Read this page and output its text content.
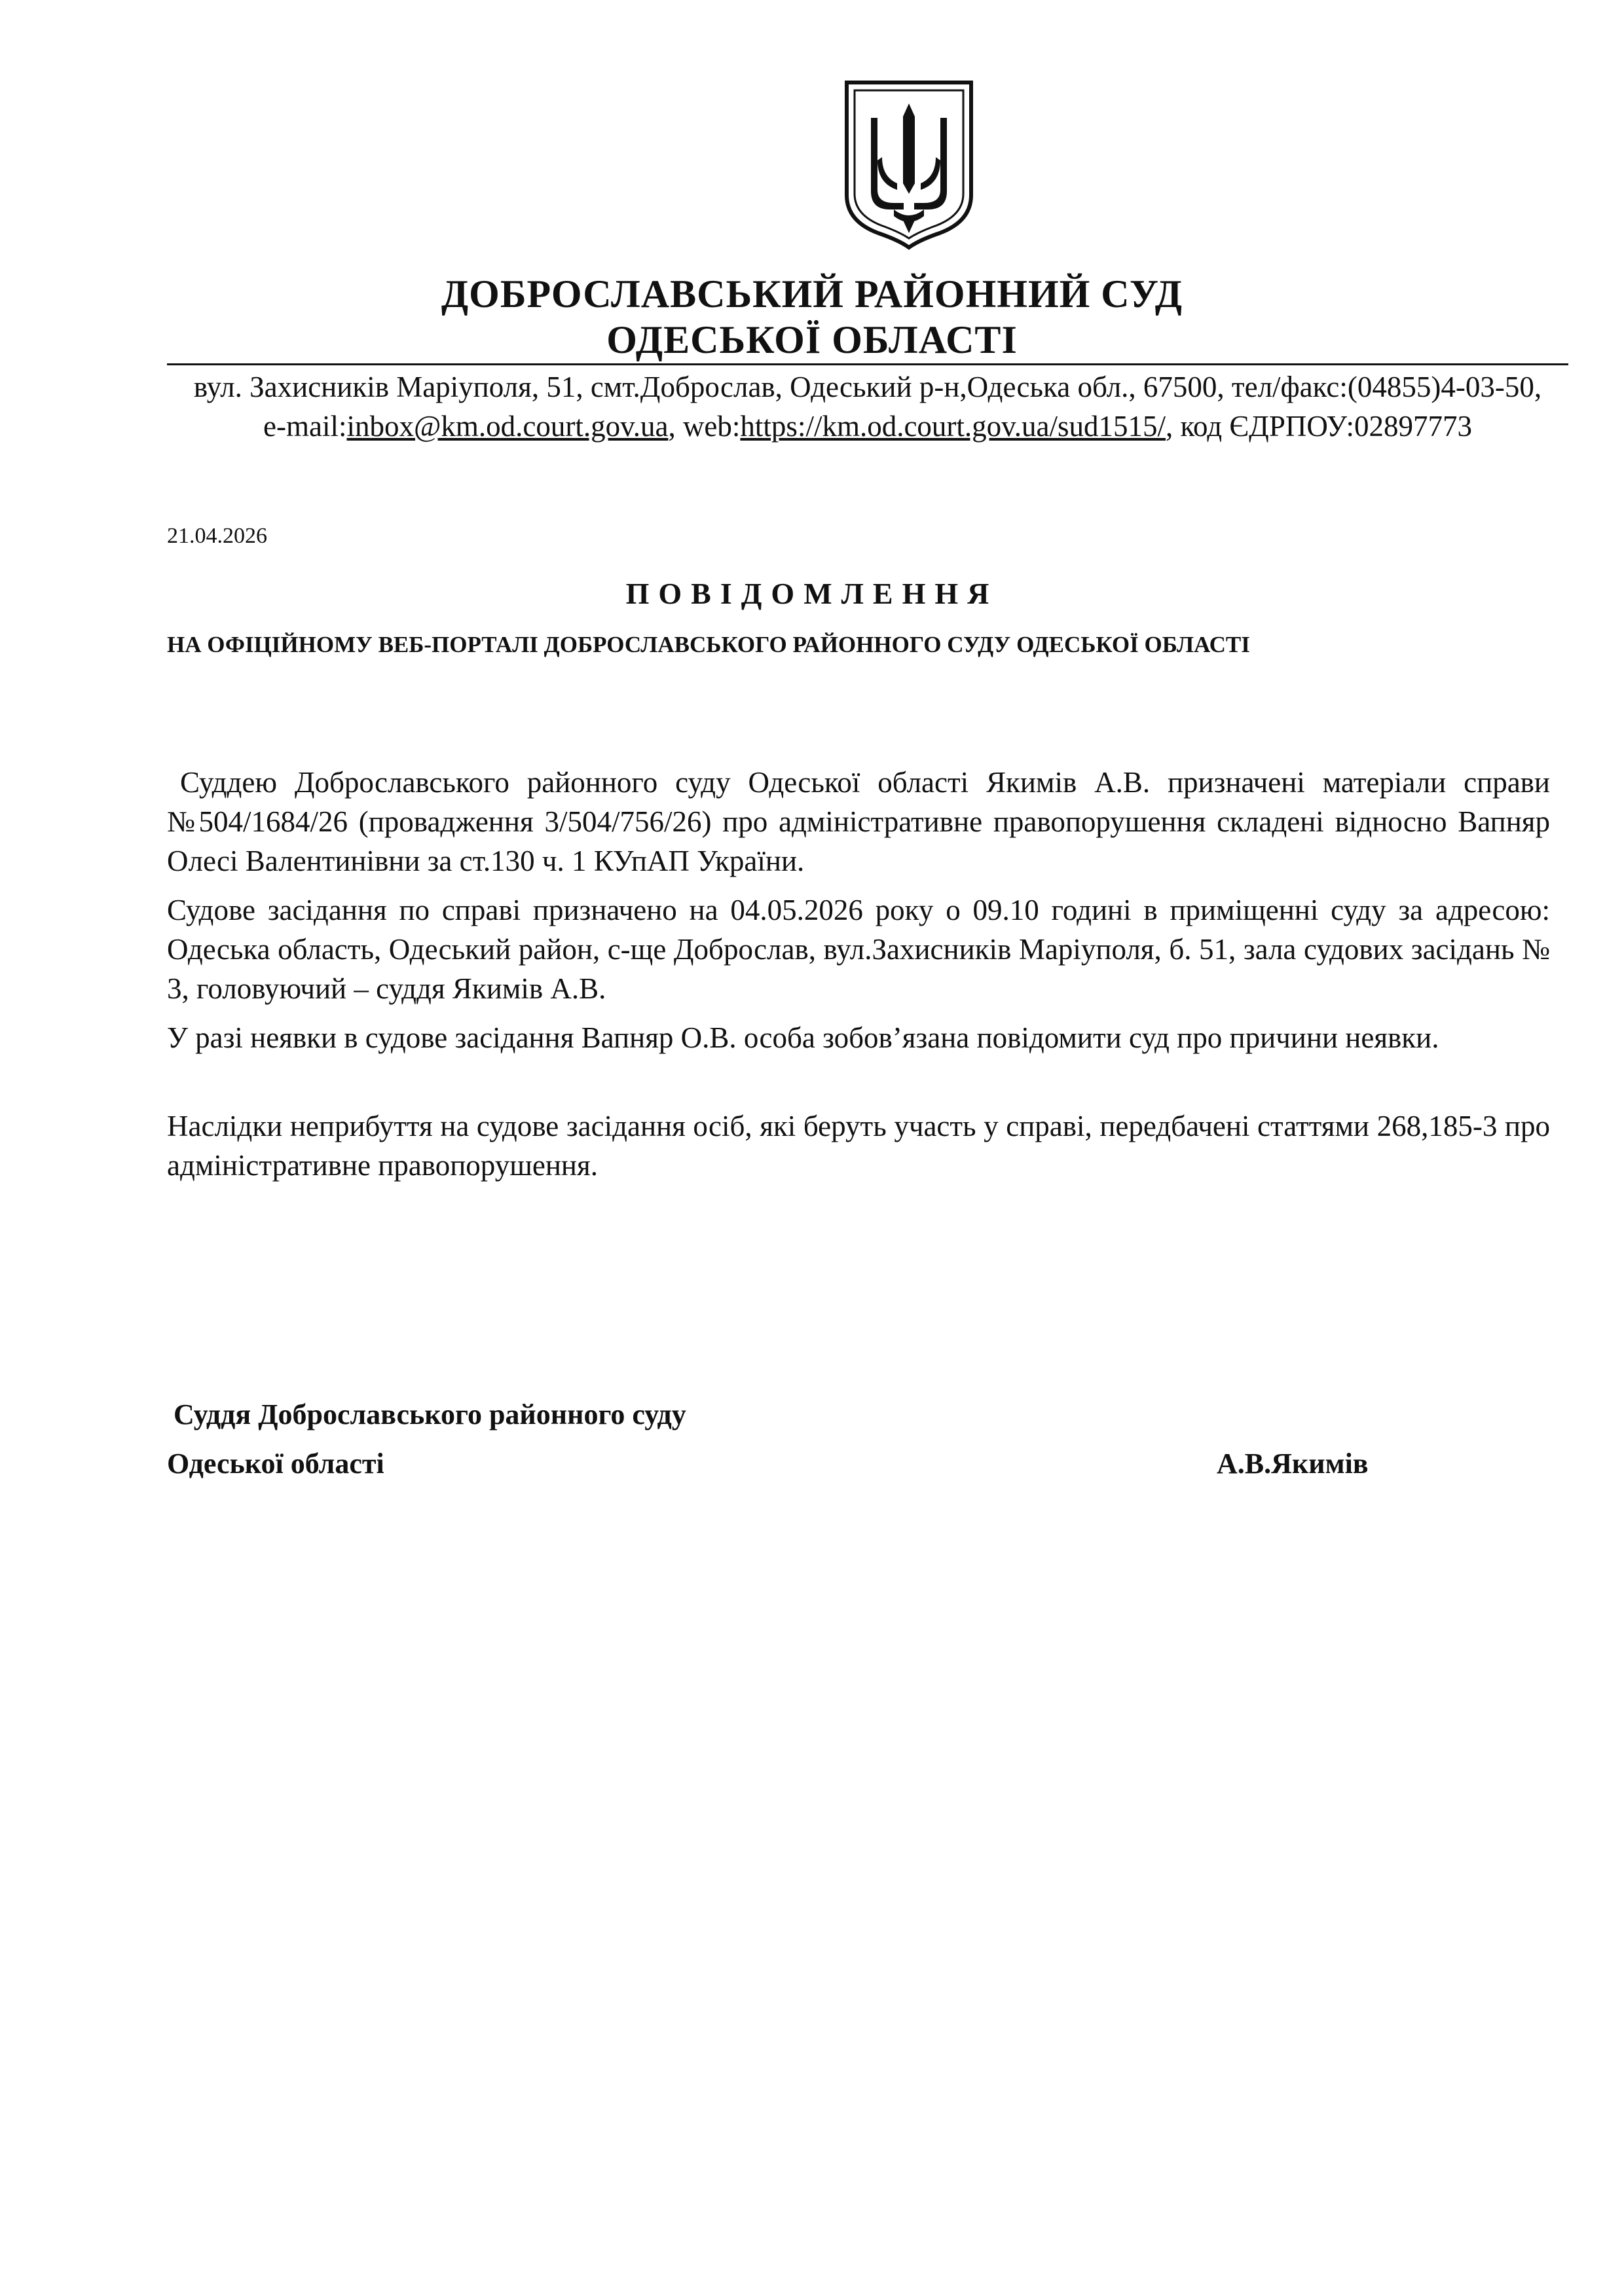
ДОБРОСЛАВСЬКИЙ РАЙОННИЙ СУД
ОДЕСЬКОЇ ОБЛАСТІ
вул. Захисників Маріуполя, 51, смт.Доброслав, Одеський р-н,Одеська обл., 67500, тел/факс:(04855)4-03-50,
e-mail:inbox@km.od.court.gov.ua, web:https://km.od.court.gov.ua/sud1515/, код ЄДРПОУ:02897773
21.04.2026
ПОВІДОМЛЕННЯ
НА ОФІЦІЙНОМУ ВЕБ-ПОРТАЛІ ДОБРОСЛАВСЬКОГО РАЙОННОГО СУДУ ОДЕСЬКОЇ ОБЛАСТІ

Суддею Доброславського районного суду Одеської області Якимів А.В. призначені матеріали справи №504/1684/26 (провадження 3/504/756/26) про адміністративне правопорушення складені відносно Вапняр Олесі Валентинівни за ст.130 ч. 1 КУпАП України.

Судове засідання по справі призначено на 04.05.2026 року о 09.10 годині в приміщенні суду за адресою: Одеська область, Одеський район, с-ще Доброслав, вул.Захисників Маріуполя, б. 51, зала судових засідань № 3, головуючий – суддя Якимів А.В.

У разі неявки в судове засідання Вапняр О.В. особа зобов’язана повідомити суд про причини неявки.

Наслідки неприбуття на судове засідання осіб, які беруть участь у справі, передбачені статтями 268,185-3 про адміністративне правопорушення.

Суддя Доброславського районного суду
Одеської області	А.В.Якимів
